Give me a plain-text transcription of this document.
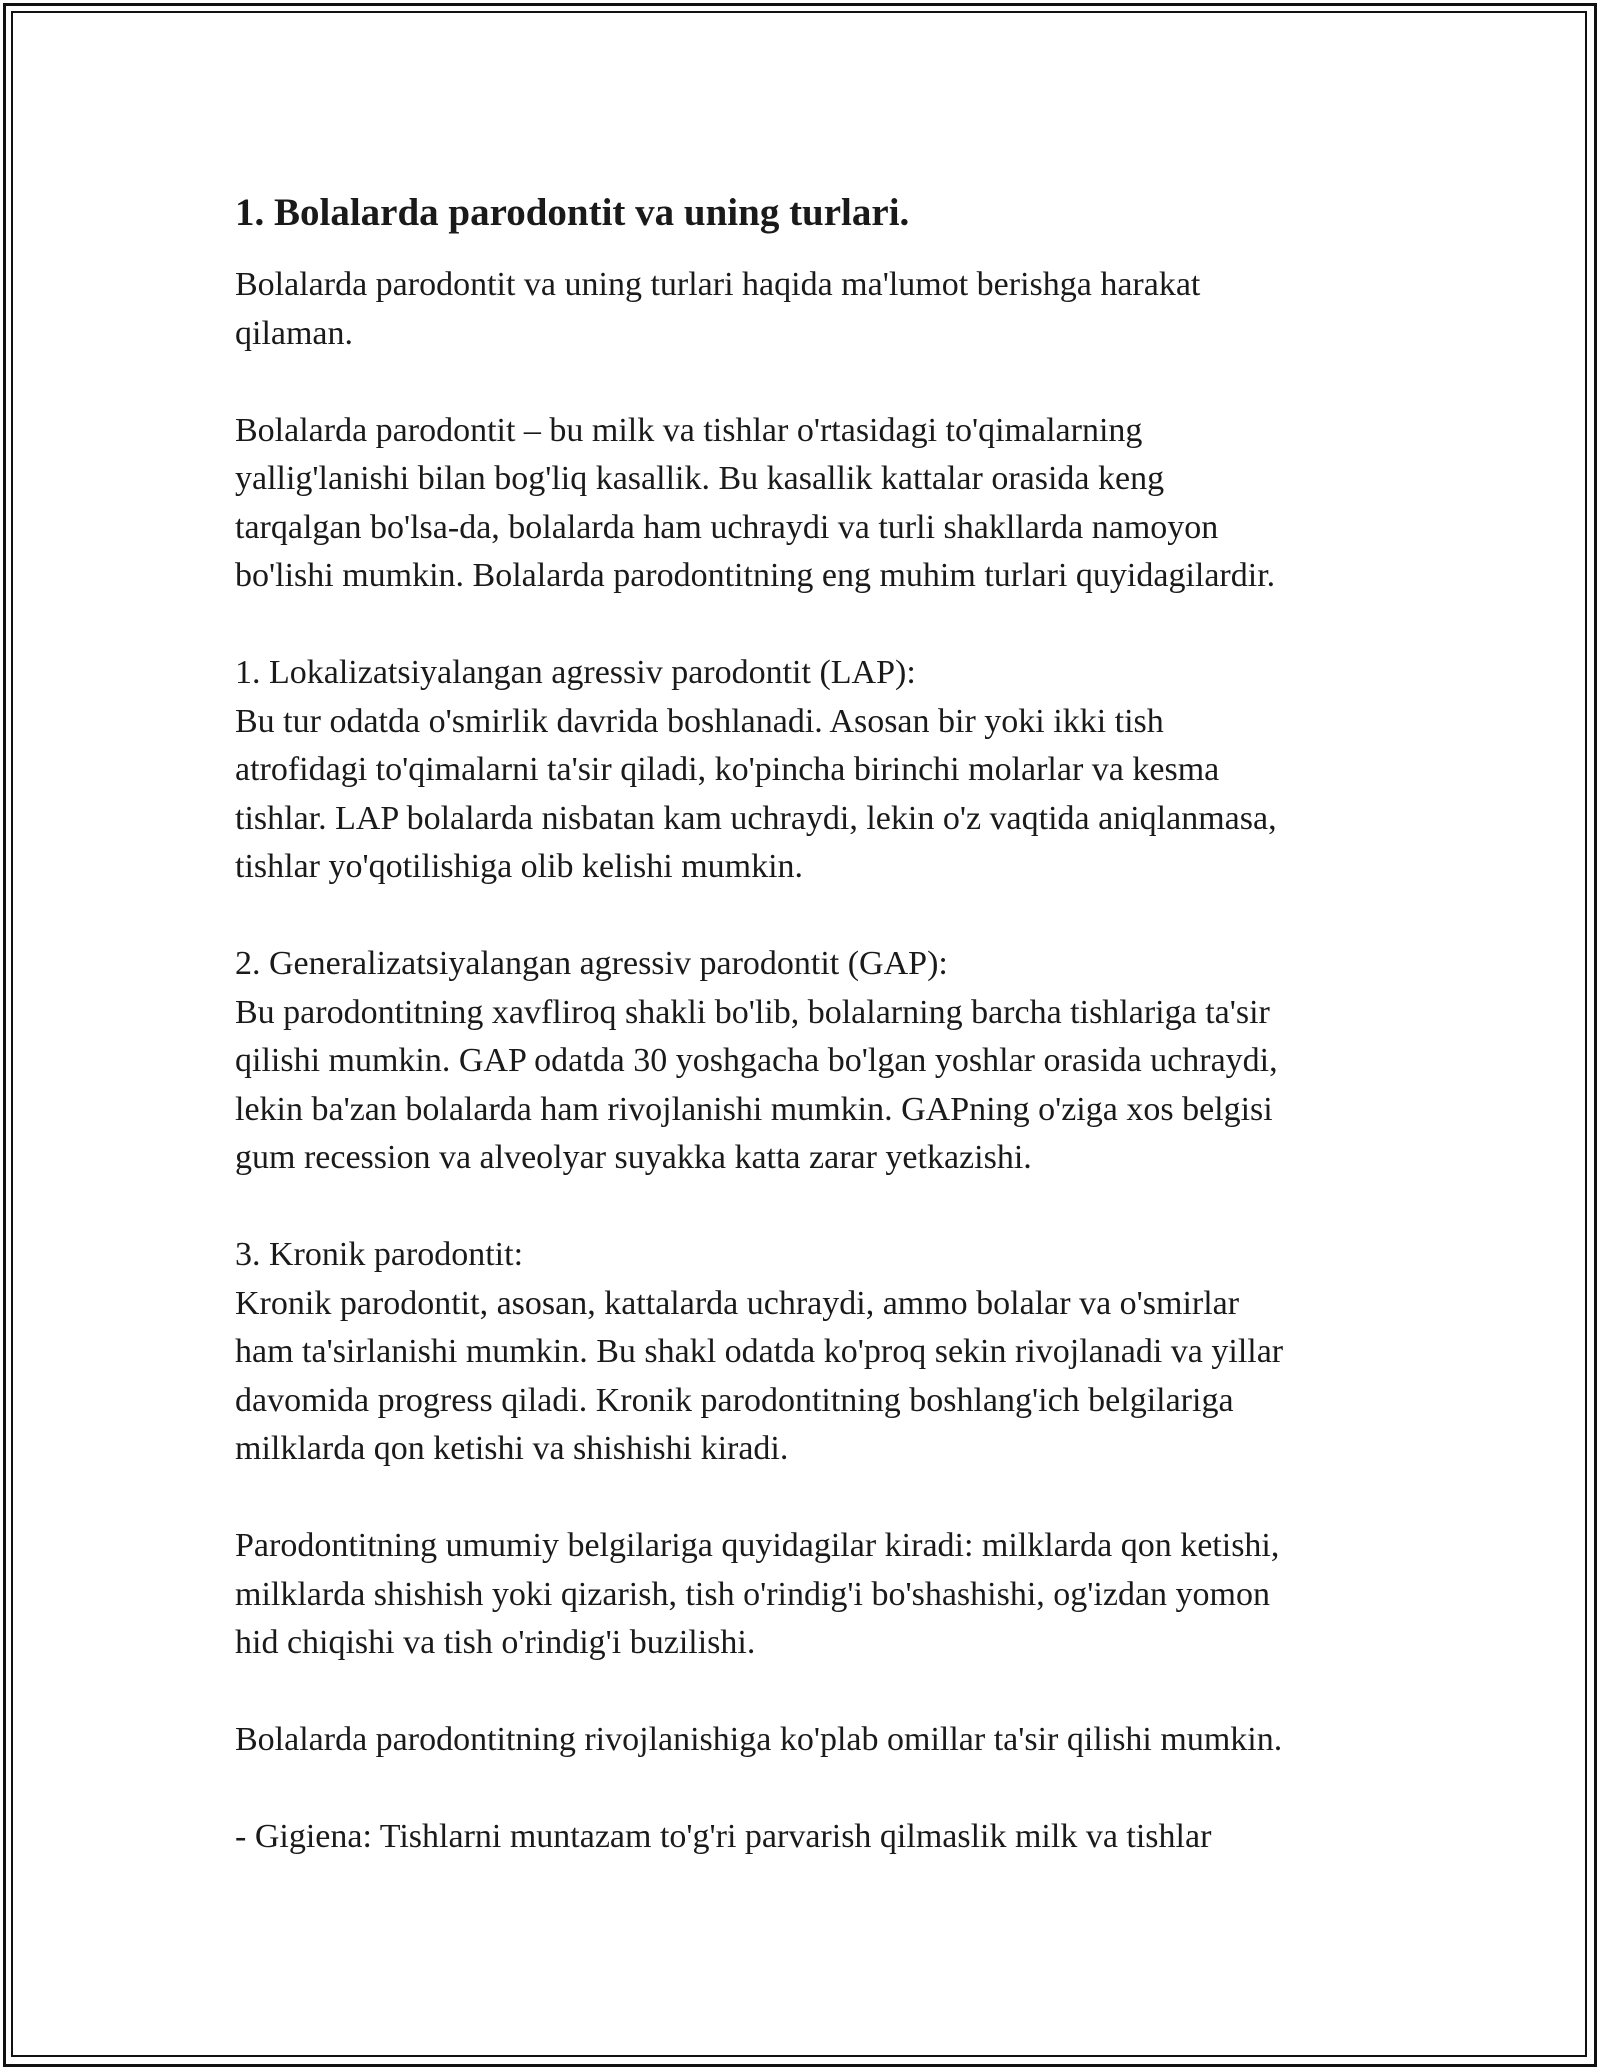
1. Bolalarda parodontit va uning turlari.

Bolalarda parodontit va uning turlari haqida ma'lumot berishga harakat
qilaman.

Bolalarda parodontit – bu milk va tishlar o'rtasidagi to'qimalarning
yallig'lanishi bilan bog'liq kasallik. Bu kasallik kattalar orasida keng
tarqalgan bo'lsa-da, bolalarda ham uchraydi va turli shakllarda namoyon
bo'lishi mumkin. Bolalarda parodontitning eng muhim turlari quyidagilardir.

1. Lokalizatsiyalangan agressiv parodontit (LAP):
Bu tur odatda o'smirlik davrida boshlanadi. Asosan bir yoki ikki tish
atrofidagi to'qimalarni ta'sir qiladi, ko'pincha birinchi molarlar va kesma
tishlar. LAP bolalarda nisbatan kam uchraydi, lekin o'z vaqtida aniqlanmasa,
tishlar yo'qotilishiga olib kelishi mumkin.

2. Generalizatsiyalangan agressiv parodontit (GAP):
Bu parodontitning xavfliroq shakli bo'lib, bolalarning barcha tishlariga ta'sir
qilishi mumkin. GAP odatda 30 yoshgacha bo'lgan yoshlar orasida uchraydi,
lekin ba'zan bolalarda ham rivojlanishi mumkin. GAPning o'ziga xos belgisi
gum recession va alveolyar suyakka katta zarar yetkazishi.

3. Kronik parodontit:
Kronik parodontit, asosan, kattalarda uchraydi, ammo bolalar va o'smirlar
ham ta'sirlanishi mumkin. Bu shakl odatda ko'proq sekin rivojlanadi va yillar
davomida progress qiladi. Kronik parodontitning boshlang'ich belgilariga
milklarda qon ketishi va shishishi kiradi.

Parodontitning umumiy belgilariga quyidagilar kiradi: milklarda qon ketishi,
milklarda shishish yoki qizarish, tish o'rindig'i bo'shashishi, og'izdan yomon
hid chiqishi va tish o'rindig'i buzilishi.

Bolalarda parodontitning rivojlanishiga ko'plab omillar ta'sir qilishi mumkin.

- Gigiena: Tishlarni muntazam to'g'ri parvarish qilmaslik milk va tishlar
